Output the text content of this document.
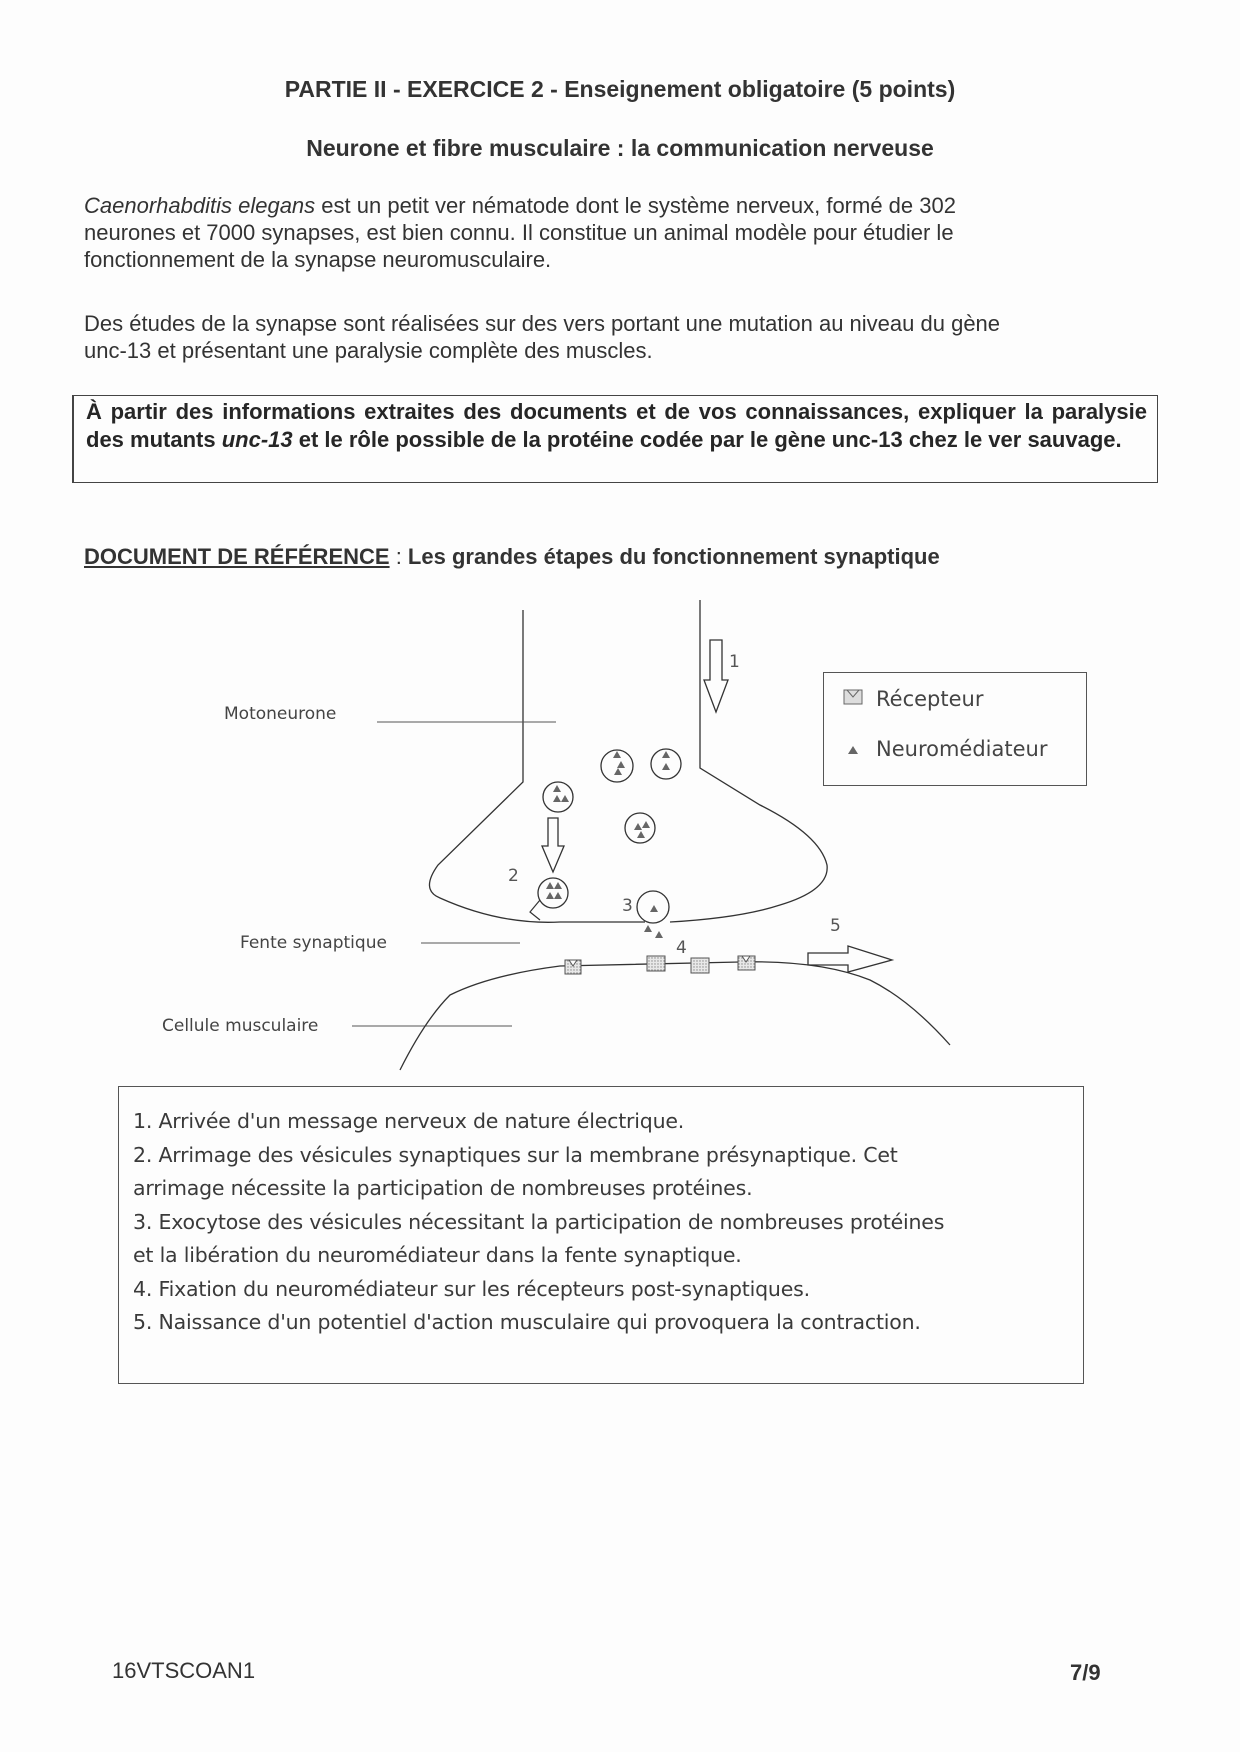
PARTIE II - EXERCICE 2 - Enseignement obligatoire (5 points)
Neurone et fibre musculaire : la communication nerveuse
Caenorhabditis elegans est un petit ver nématode dont le système nerveux, formé de 302
neurones et 7000 synapses, est bien connu. Il constitue un animal modèle pour étudier le
fonctionnement de la synapse neuromusculaire.
Des études de la synapse sont réalisées sur des vers portant une mutation au niveau du gène
unc-13 et présentant une paralysie complète des muscles.
À partir des informations extraites des documents et de vos connaissances, expliquer la paralysie des mutants unc-13 et le rôle possible de la protéine codée par le gène unc-13 chez le ver sauvage.
DOCUMENT DE RÉFÉRENCE : Les grandes étapes du fonctionnement synaptique
Motoneurone
Fente synaptique
Cellule musculaire
1
2
3
4
5
Récepteur
Neuromédiateur
1. Arrivée d'un message nerveux de nature électrique.
2. Arrimage des vésicules synaptiques sur la membrane présynaptique. Cet
arrimage nécessite la participation de nombreuses protéines.
3. Exocytose des vésicules nécessitant la participation de nombreuses protéines
et la libération du neuromédiateur dans la fente synaptique.
4. Fixation du neuromédiateur sur les récepteurs post-synaptiques.
5. Naissance d'un potentiel d'action musculaire qui provoquera la contraction.
16VTSCOAN1	7/9
